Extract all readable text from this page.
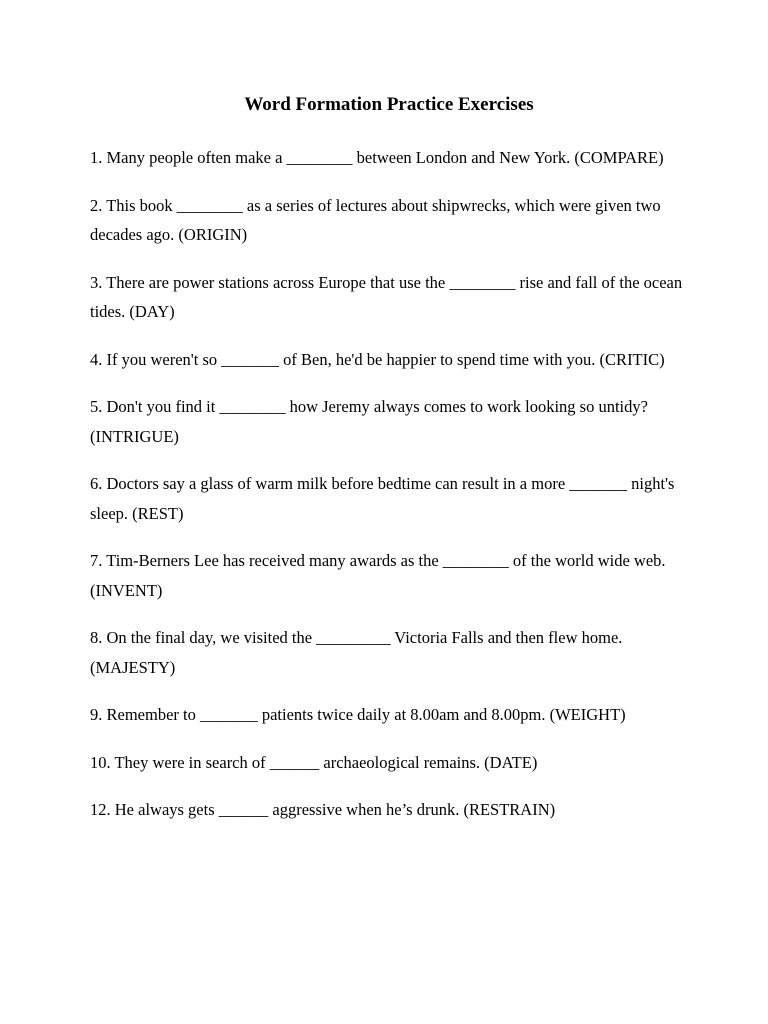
Word Formation Practice Exercises
1. Many people often make a ________ between London and New York. (COMPARE)
2. This book ________ as a series of lectures about shipwrecks, which were given two decades ago. (ORIGIN)
3. There are power stations across Europe that use the ________ rise and fall of the ocean tides. (DAY)
4. If you weren't so _______ of Ben, he'd be happier to spend time with you. (CRITIC)
5. Don't you find it ________ how Jeremy always comes to work looking so untidy? (INTRIGUE)
6. Doctors say a glass of warm milk before bedtime can result in a more _______ night's sleep. (REST)
7. Tim-Berners Lee has received many awards as the ________ of the world wide web. (INVENT)
8. On the final day, we visited the _________ Victoria Falls and then flew home. (MAJESTY)
9. Remember to _______ patients twice daily at 8.00am and 8.00pm. (WEIGHT)
10. They were in search of ______ archaeological remains. (DATE)
12. He always gets ______ aggressive when he’s drunk. (RESTRAIN)
